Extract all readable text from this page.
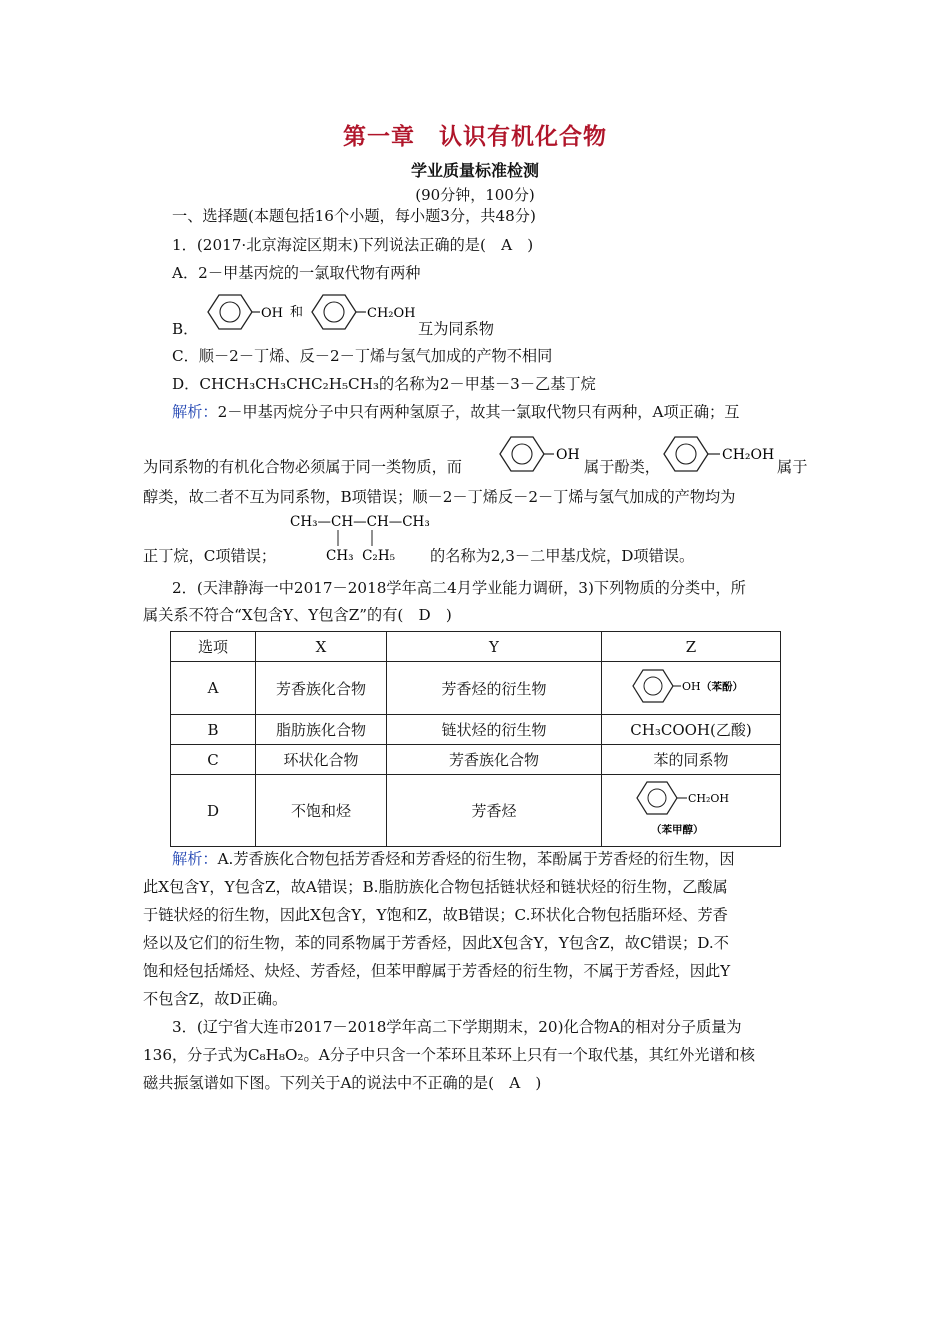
第一章　认识有机化合物
学业质量标准检测
(90分钟，100分)
一、选择题(本题包括16个小题，每小题3分，共48分)
1．(2017·北京海淀区期末)下列说法正确的是(　A　)
A．2－甲基丙烷的一氯取代物有两种
B．
OH 和	CH₂OH
互为同系物
C．顺－2－丁烯、反－2－丁烯与氢气加成的产物不相同
D．CHCH₃CH₃CHC₂H₅CH₃的名称为2－甲基－3－乙基丁烷
解析：2－甲基丙烷分子中只有两种氢原子，故其一氯取代物只有两种，A项正确；互
为同系物的有机化合物必须属于同一类物质，而
OH
属于酚类，
CH₂OH
属于
醇类，故二者不互为同系物，B项错误；顺－2－丁烯反－2－丁烯与氢气加成的产物均为
正丁烷，C项错误；
CH₃—CH—CH—CH₃
CH₃  C₂H₅ 的名称为2,3－二甲基戊烷，D项错误。
2．(天津静海一中2017－2018学年高二4月学业能力调研，3)下列物质的分类中，所
属关系不符合“X包含Y、Y包含Z”的有(　D　)
选项	X	Y	Z
A	芳香族化合物	芳香烃的衍生物	OH （苯酚）

B	脂肪族化合物	链状烃的衍生物	CH₃COOH(乙酸)
C	环状化合物	芳香族化合物	苯的同系物
D	不饱和烃	芳香烃	CH₂OH
（苯甲醇）
解析：A.芳香族化合物包括芳香烃和芳香烃的衍生物，苯酚属于芳香烃的衍生物，因
此X包含Y，Y包含Z，故A错误；B.脂肪族化合物包括链状烃和链状烃的衍生物，乙酸属
于链状烃的衍生物，因此X包含Y，Y饱和Z，故B错误；C.环状化合物包括脂环烃、芳香
烃以及它们的衍生物，苯的同系物属于芳香烃，因此X包含Y，Y包含Z，故C错误；D.不
饱和烃包括烯烃、炔烃、芳香烃，但苯甲醇属于芳香烃的衍生物，不属于芳香烃，因此Y
不包含Z，故D正确。
3．(辽宁省大连市2017－2018学年高二下学期期末，20)化合物A的相对分子质量为
136，分子式为C₈H₈O₂。A分子中只含一个苯环且苯环上只有一个取代基，其红外光谱和核
磁共振氢谱如下图。下列关于A的说法中不正确的是(　A　)
